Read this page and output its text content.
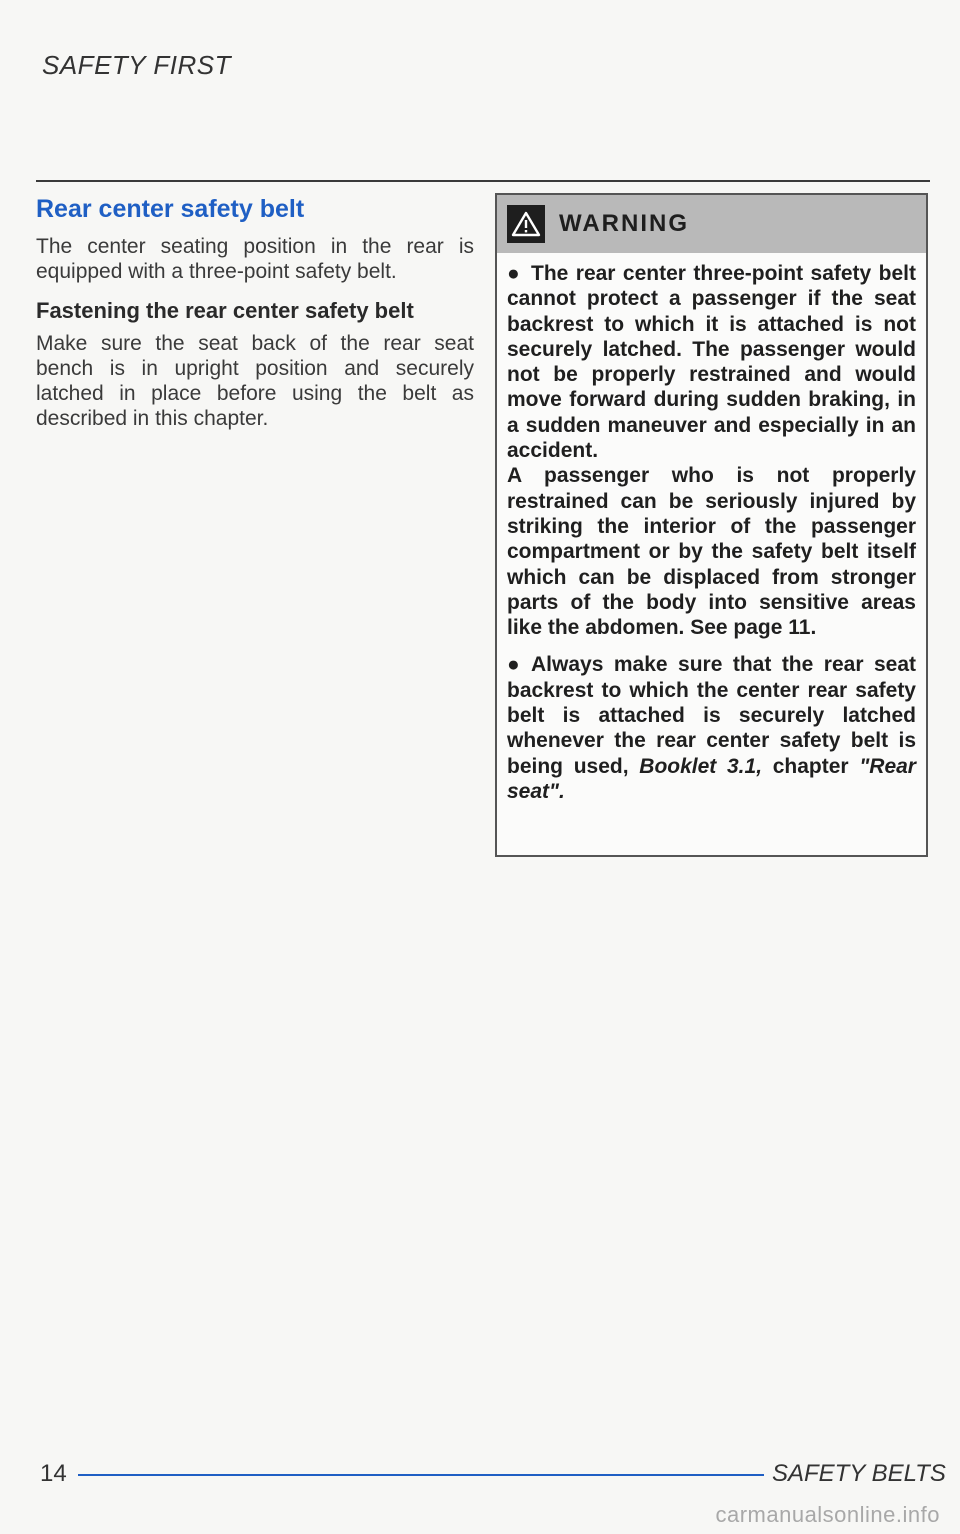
SAFETY FIRST
Rear center safety belt

The center seating position in the rear is equipped with a three-point safety belt.

Fastening the rear center safety belt

Make sure the seat back of the rear seat bench is in upright position and securely latched in place before using the belt as described in this chapter.

WARNING

● The rear center three-point safety belt cannot protect a passenger if the seat backrest to which it is attached is not securely latched. The passenger would not be properly restrained and would move forward during sudden braking, in a sudden maneuver and especially in an accident.
A passenger who is not properly restrained can be seriously injured by striking the interior of the passenger compartment or by the safety belt itself which can be displaced from stronger parts of the body into sensitive areas like the abdomen. See page 11.

● Always make sure that the rear seat backrest to which the center rear safety belt is attached is securely latched whenever the rear center safety belt is being used, Booklet 3.1, chapter "Rear seat".

14	SAFETY BELTS
carmanualsonline.info
